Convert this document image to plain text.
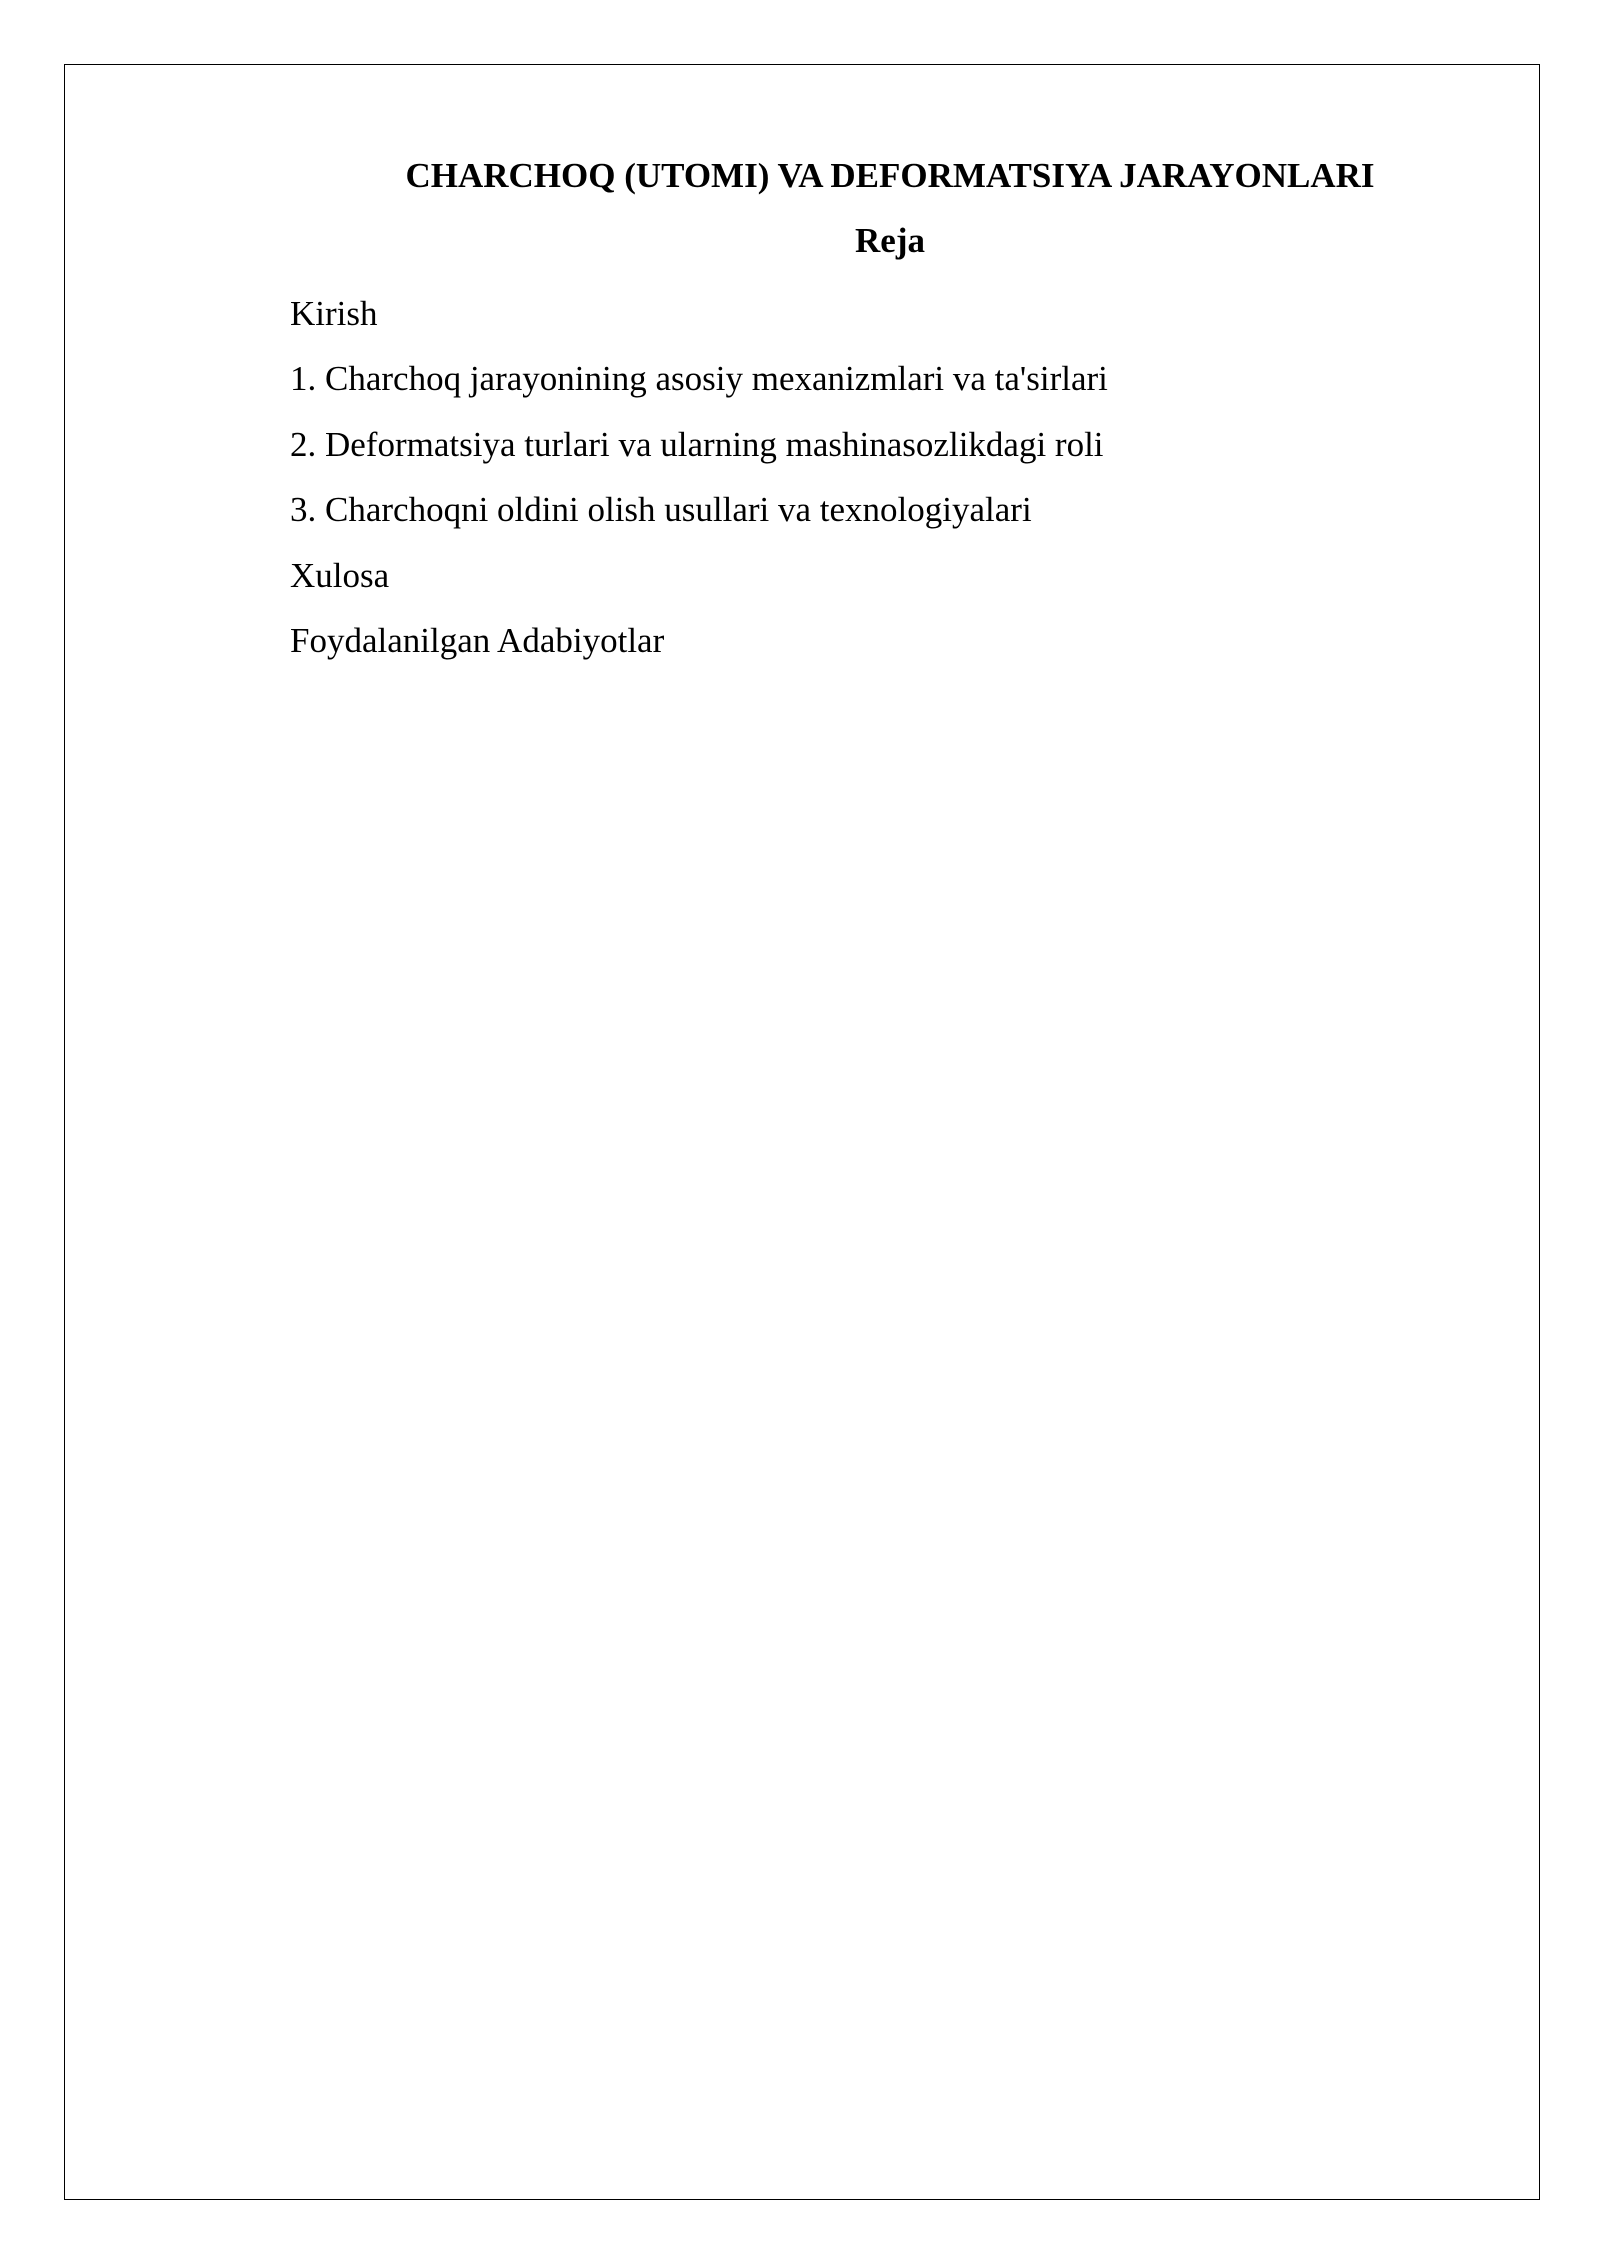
CHARCHOQ (UTOMI) VA DEFORMATSIYA JARAYONLARI
Reja
Kirish
1. Charchoq jarayonining asosiy mexanizmlari va ta'sirlari
2. Deformatsiya turlari va ularning mashinasozlikdagi roli
3. Charchoqni oldini olish usullari va texnologiyalari
Xulosa
Foydalanilgan Adabiyotlar
